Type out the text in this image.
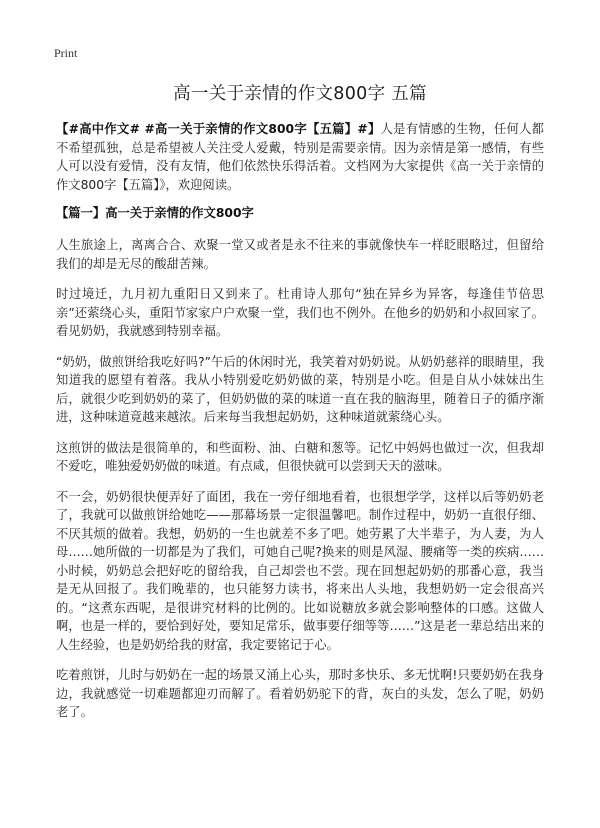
Print
高一关于亲情的作文800字 五篇

【#高中作文# #高一关于亲情的作文800字【五篇】#】人是有情感的生物，任何人都不希望孤独，总是希望被人关注受人爱戴，特别是需要亲情。因为亲情是第一感情，有些人可以没有爱情，没有友情，他们依然快乐得活着。文档网为大家提供《高一关于亲情的作文800字【五篇】》，欢迎阅读。

【篇一】高一关于亲情的作文800字

人生旅途上，离离合合、欢聚一堂又或者是永不往来的事就像快车一样眨眼略过，但留给我们的却是无尽的酸甜苦辣。

时过境迁，九月初九重阳日又到来了。杜甫诗人那句“独在异乡为异客，每逢佳节倍思亲”还萦绕心头，重阳节家家户户欢聚一堂，我们也不例外。在他乡的奶奶和小叔回家了。看见奶奶，我就感到特别幸福。

“奶奶，做煎饼给我吃好吗?”午后的休闲时光，我笑着对奶奶说。从奶奶慈祥的眼睛里，我知道我的愿望有着落。我从小特别爱吃奶奶做的菜，特别是小吃。但是自从小妹妹出生后，就很少吃到奶奶的菜了，但奶奶做的菜的味道一直在我的脑海里，随着日子的循序渐进，这种味道竟越来越浓。后来每当我想起奶奶，这种味道就萦绕心头。

这煎饼的做法是很简单的，和些面粉、油、白糖和葱等。记忆中妈妈也做过一次，但我却不爱吃，唯独爱奶奶做的味道。有点咸，但很快就可以尝到天天的滋味。

不一会，奶奶很快便弄好了面团，我在一旁仔细地看着，也很想学学，这样以后等奶奶老了，我就可以做煎饼给她吃——那幕场景一定很温馨吧。制作过程中，奶奶一直很仔细、不厌其烦的做着。我想，奶奶的一生也就差不多了吧。她劳累了大半辈子，为人妻，为人母……她所做的一切都是为了我们，可她自己呢?换来的则是风湿、腰痛等一类的疾病……小时候，奶奶总会把好吃的留给我，自己却尝也不尝。现在回想起奶奶的那番心意，我当是无从回报了。我们晚辈的，也只能努力读书，将来出人头地，我想奶奶一定会很高兴的。“这煮东西呢，是很讲究材料的比例的。比如说糖放多就会影响整体的口感。这做人啊，也是一样的，要恰到好处，要知足常乐，做事要仔细等等……”这是老一辈总结出来的人生经验，也是奶奶给我的财富，我定要铭记于心。

吃着煎饼，儿时与奶奶在一起的场景又涌上心头，那时多快乐、多无忧啊!只要奶奶在我身边，我就感觉一切难题都迎刃而解了。看着奶奶驼下的背，灰白的头发，怎么了呢，奶奶老了。
